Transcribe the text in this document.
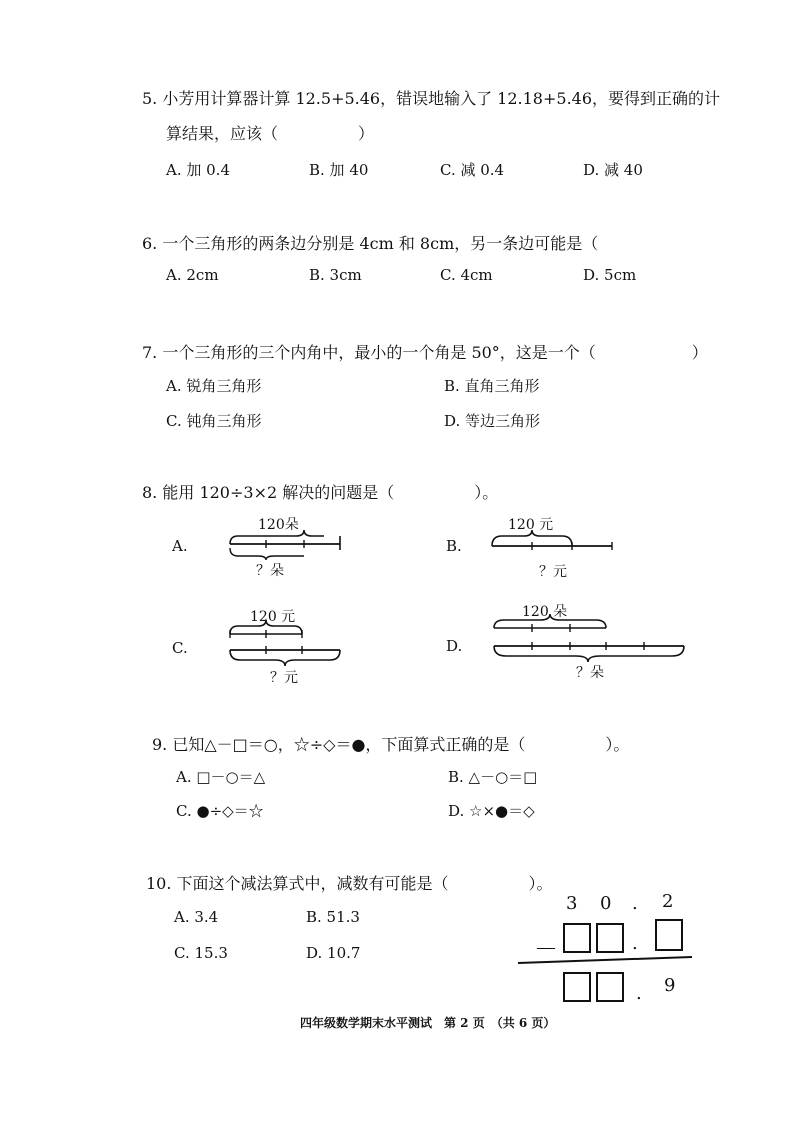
5. 小芳用计算器计算 12.5+5.46，错误地输入了 12.18+5.46，要得到正确的计
算结果，应该（　　　　　）
A. 加 0.4	B. 加 40	C. 减 0.4	D. 减 40
6. 一个三角形的两条边分别是 4cm 和 8cm，另一条边可能是（
A. 2cm	B. 3cm	C. 4cm	D. 5cm
7. 一个三角形的三个内角中，最小的一个角是 50°，这是一个（　　　　　　）
A. 锐角三角形	B. 直角三角形
C. 钝角三角形	D. 等边三角形
8. 能用 120÷3×2 解决的问题是（　　　　　）。
A.
120朵
？朵
B.
120 元
？元
C.
120 元
？元
D.
120 朵
？朵
9. 已知△－□＝○，☆÷◇＝●，下面算式正确的是（　　　　　）。
A. □－○＝△	B. △－○＝□
C. ●÷◇＝☆	D. ☆×●＝◇
10. 下面这个减法算式中，减数有可能是（　　　　　）。
A. 3.4	B. 51.3
C. 15.3	D. 10.7
3 0 . 2
－	.
. 9
四年级数学期末水平测试　第 2 页　（共 6 页）
